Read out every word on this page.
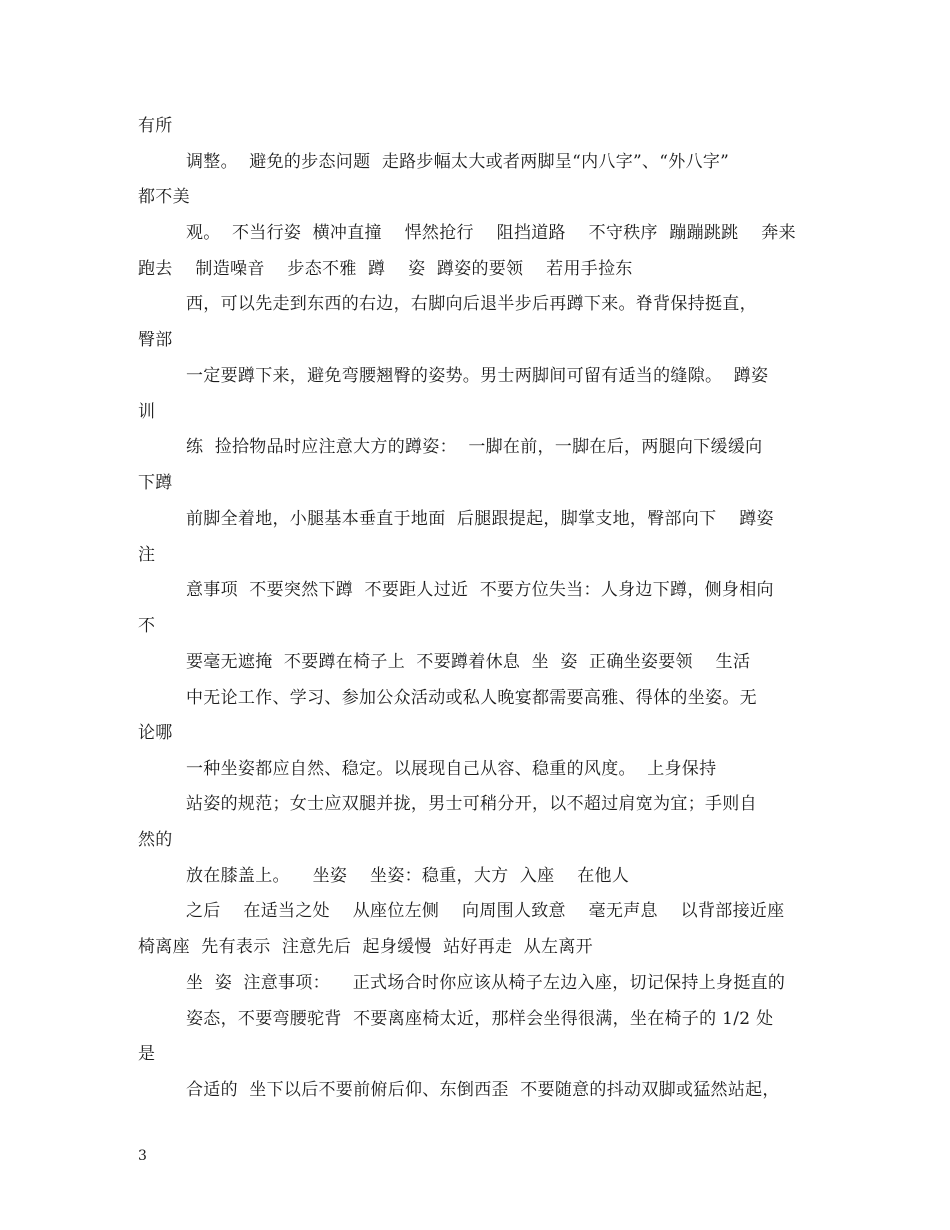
有所
调整。  避免的步态问题  走路步幅太大或者两脚呈“内八字”、“外八字”
都不美
观。  不当行姿  横冲直撞    悍然抢行    阻挡道路    不守秩序  蹦蹦跳跳    奔来
跑去    制造噪音    步态不雅  蹲    姿  蹲姿的要领    若用手捡东
西，可以先走到东西的右边，右脚向后退半步后再蹲下来。脊背保持挺直，
臀部
一定要蹲下来，避免弯腰翘臀的姿势。男士两脚间可留有适当的缝隙。  蹲姿
训
练  捡拾物品时应注意大方的蹲姿：  一脚在前，一脚在后，两腿向下缓缓向
下蹲
前脚全着地，小腿基本垂直于地面  后腿跟提起，脚掌支地，臀部向下    蹲姿
注
意事项  不要突然下蹲  不要距人过近  不要方位失当：人身边下蹲，侧身相向
不
要毫无遮掩  不要蹲在椅子上  不要蹲着休息  坐  姿  正确坐姿要领    生活
中无论工作、学习、参加公众活动或私人晚宴都需要高雅、得体的坐姿。无
论哪
一种坐姿都应自然、稳定。以展现自己从容、稳重的风度。  上身保持
站姿的规范；女士应双腿并拢，男士可稍分开，以不超过肩宽为宜；手则自
然的
放在膝盖上。    坐姿    坐姿：稳重，大方  入座    在他人
之后    在适当之处    从座位左侧    向周围人致意    毫无声息    以背部接近座
椅离座  先有表示  注意先后  起身缓慢  站好再走  从左离开
坐  姿  注意事项：    正式场合时你应该从椅子左边入座，切记保持上身挺直的
姿态，不要弯腰驼背  不要离座椅太近，那样会坐得很满，坐在椅子的 1/2 处
是
合适的  坐下以后不要前俯后仰、东倒西歪  不要随意的抖动双脚或猛然站起，
3
